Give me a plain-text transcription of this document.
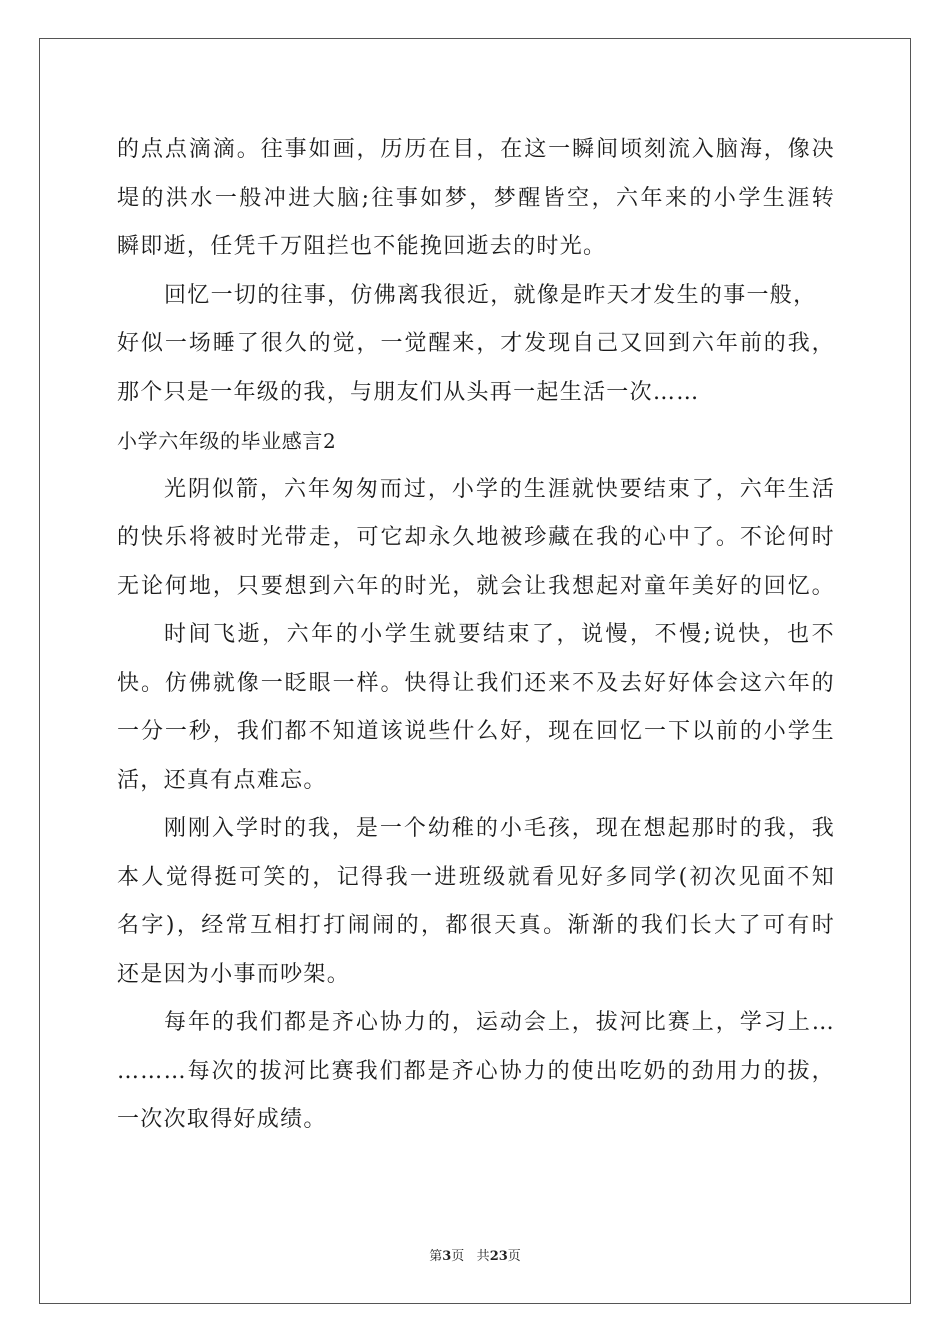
的点点滴滴。往事如画，历历在目，在这一瞬间顷刻流入脑海，像决
堤的洪水一般冲进大脑;往事如梦，梦醒皆空，六年来的小学生涯转
瞬即逝，任凭千万阻拦也不能挽回逝去的时光。
回忆一切的往事，仿佛离我很近，就像是昨天才发生的事一般，
好似一场睡了很久的觉，一觉醒来，才发现自己又回到六年前的我，
那个只是一年级的我，与朋友们从头再一起生活一次……
小学六年级的毕业感言2
光阴似箭，六年匆匆而过，小学的生涯就快要结束了，六年生活
的快乐将被时光带走，可它却永久地被珍藏在我的心中了。不论何时
无论何地，只要想到六年的时光，就会让我想起对童年美好的回忆。
时间飞逝，六年的小学生就要结束了，说慢，不慢;说快，也不
快。仿佛就像一眨眼一样。快得让我们还来不及去好好体会这六年的
一分一秒，我们都不知道该说些什么好，现在回忆一下以前的小学生
活，还真有点难忘。
刚刚入学时的我，是一个幼稚的小毛孩，现在想起那时的我，我
本人觉得挺可笑的，记得我一进班级就看见好多同学(初次见面不知
名字)，经常互相打打闹闹的，都很天真。渐渐的我们长大了可有时
还是因为小事而吵架。
每年的我们都是齐心协力的，运动会上，拔河比赛上，学习上…
………每次的拔河比赛我们都是齐心协力的使出吃奶的劲用力的拔，
一次次取得好成绩。
第3页 共23页
